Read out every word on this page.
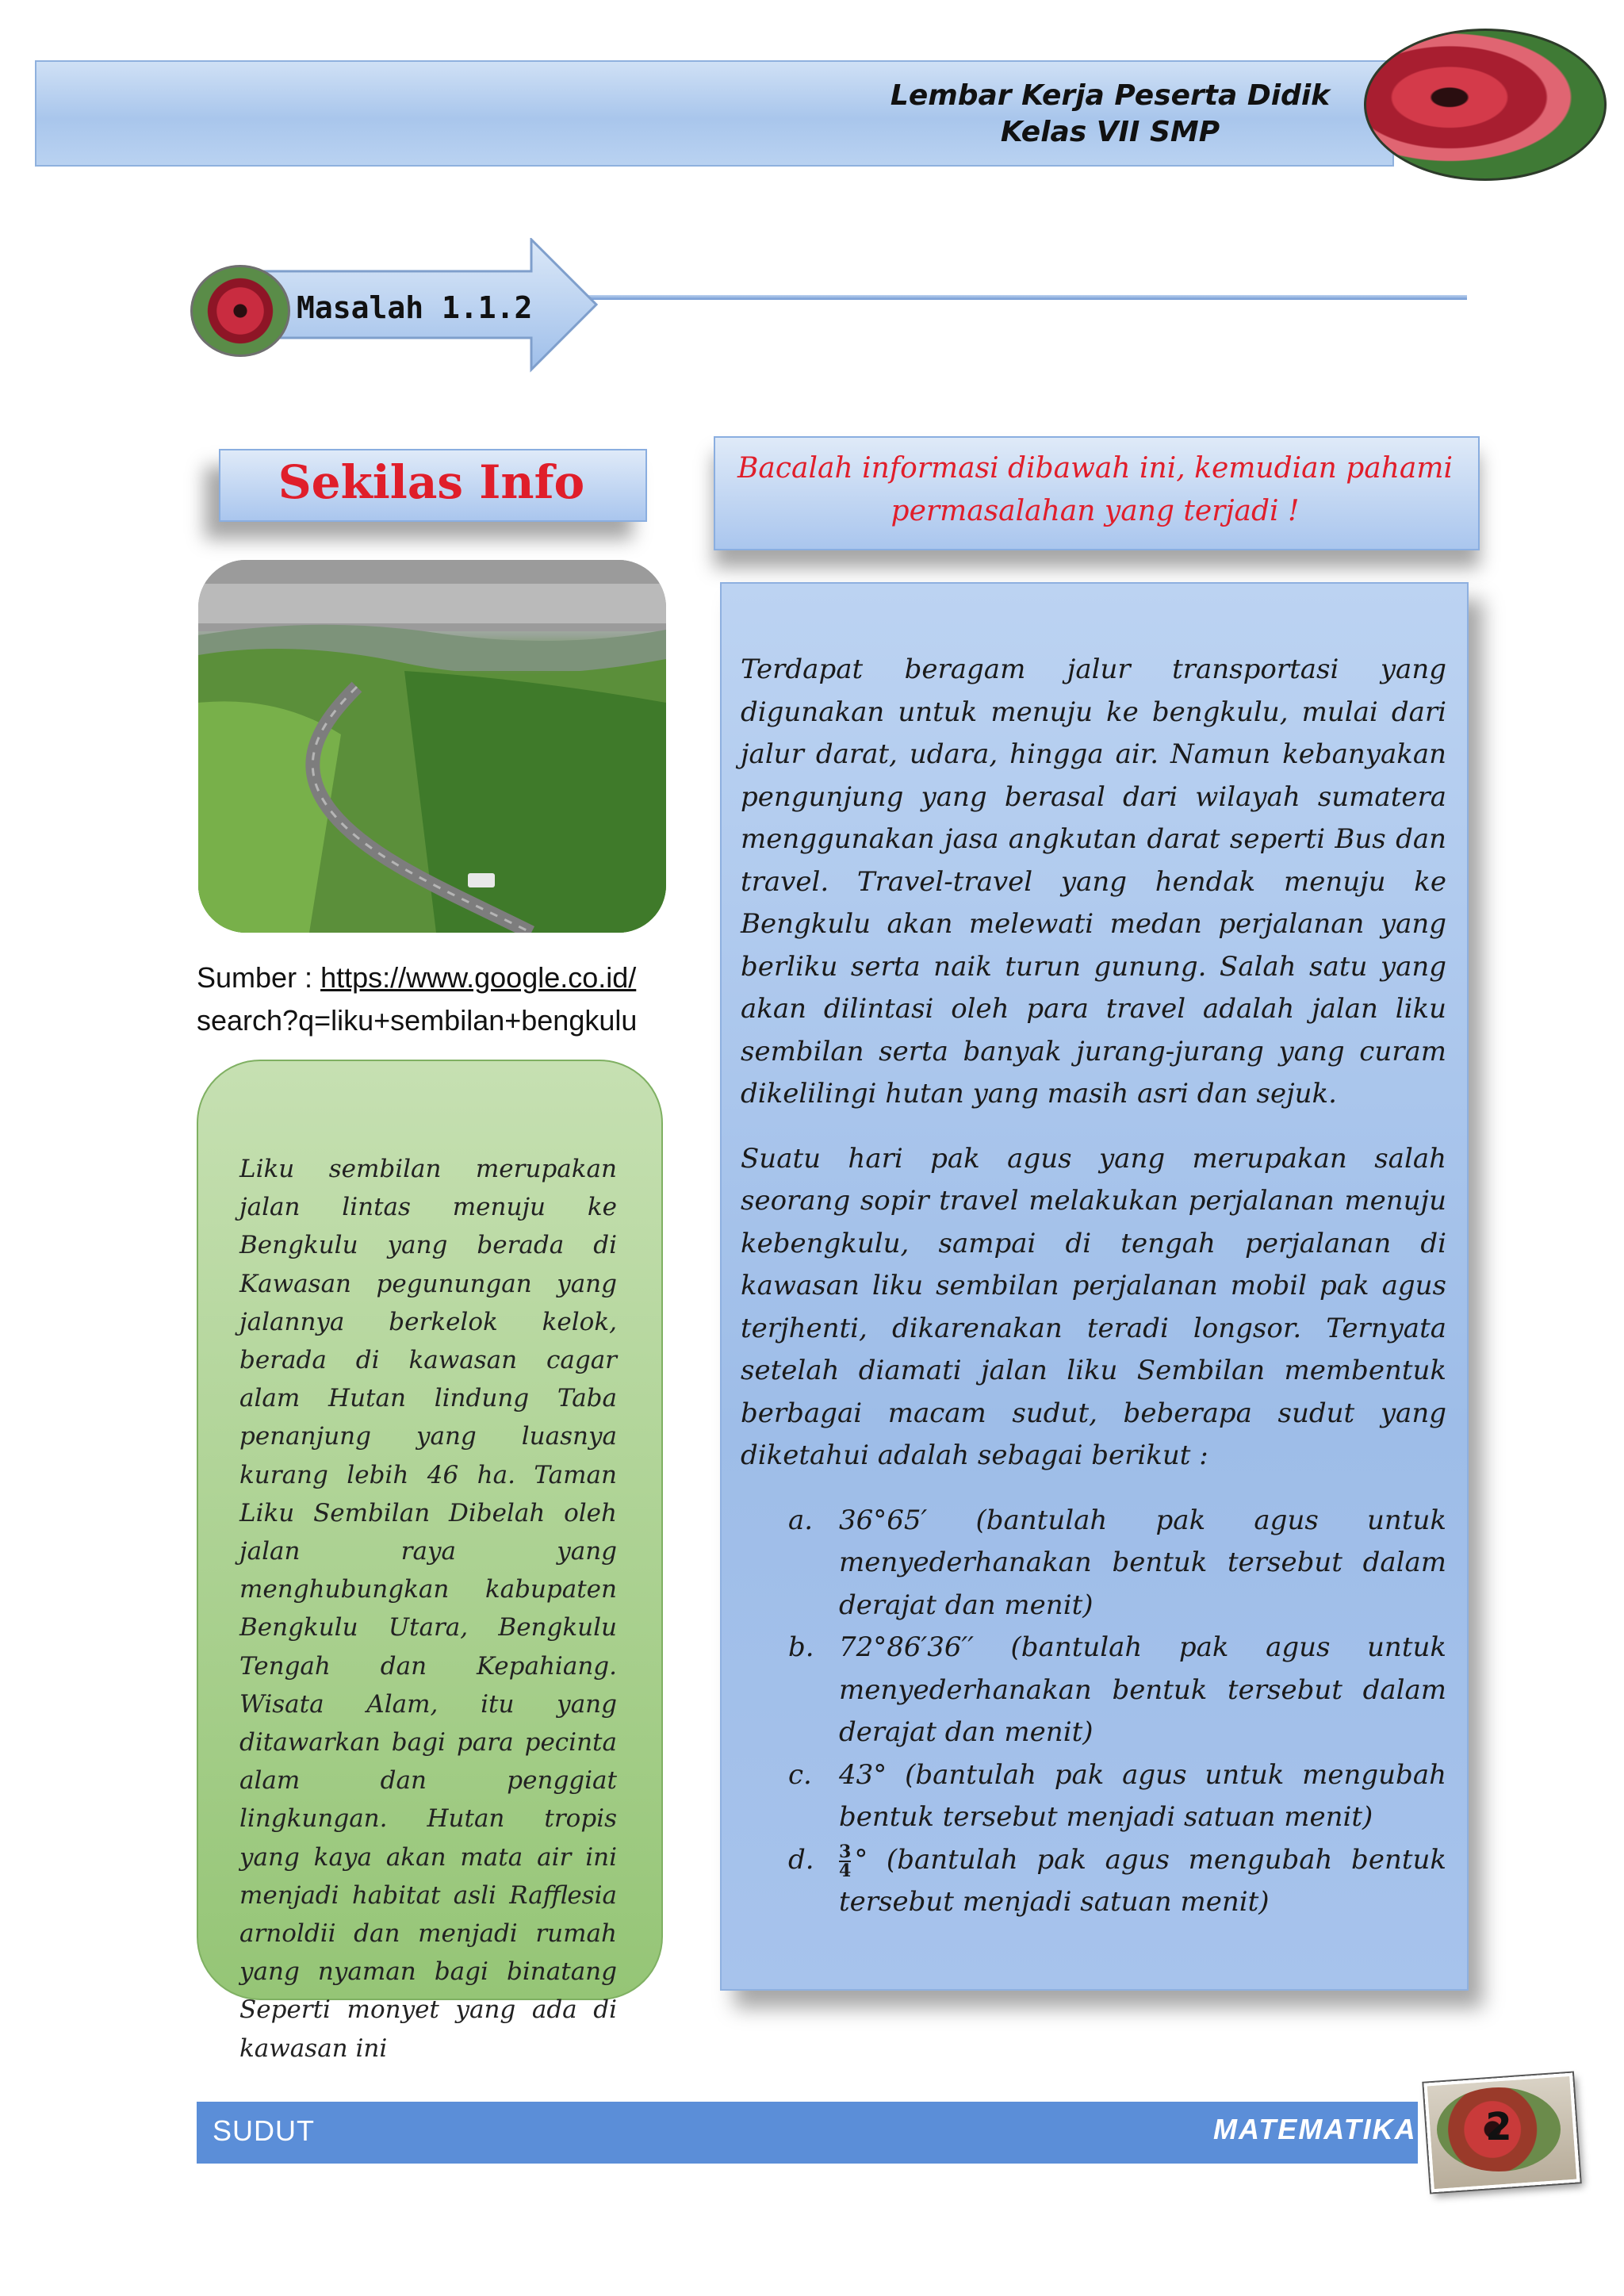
Lembar Kerja Peserta Didik
Kelas VII SMP
Masalah 1.1.2
Sekilas Info	Bacalah informasi dibawah ini, kemudian pahami
permasalahan yang terjadi !
Sumber : https://www.google.co.id/
search?q=liku+sembilan+bengkulu
Liku sembilan merupakan jalan lintas menuju ke Bengkulu yang berada di Kawasan pegunungan yang jalannya berkelok kelok, berada di kawasan cagar alam Hutan lindung Taba penanjung yang luasnya kurang lebih 46 ha. Taman Liku Sembilan Dibelah oleh jalan raya yang menghubungkan kabupaten Bengkulu Utara, Bengkulu Tengah dan Kepahiang. Wisata Alam, itu yang ditawarkan bagi para pecinta alam dan penggiat lingkungan. Hutan tropis yang kaya akan mata air ini menjadi habitat asli Rafflesia arnoldii dan menjadi rumah yang nyaman bagi binatang Seperti monyet yang ada di kawasan ini

Terdapat beragam jalur transportasi yang digunakan untuk menuju ke bengkulu, mulai dari jalur darat, udara, hingga air. Namun kebanyakan pengunjung yang berasal dari wilayah sumatera menggunakan jasa angkutan darat seperti Bus dan travel. Travel-travel yang hendak menuju ke Bengkulu akan melewati medan perjalanan yang berliku serta naik turun gunung. Salah satu yang akan dilintasi oleh para travel adalah jalan liku sembilan serta banyak jurang-jurang yang curam dikelilingi hutan yang masih asri dan sejuk.

Suatu hari pak agus yang merupakan salah seorang sopir travel melakukan perjalanan menuju kebengkulu, sampai di tengah perjalanan di kawasan liku sembilan perjalanan mobil pak agus terjhenti, dikarenakan teradi longsor. Ternyata setelah diamati jalan liku Sembilan membentuk berbagai macam sudut, beberapa sudut yang diketahui adalah sebagai berikut :

a. 36°65′ (bantulah pak agus untuk menyederhanakan bentuk tersebut dalam derajat dan menit)
b. 72°86′36′′ (bantulah pak agus untuk menyederhanakan bentuk tersebut dalam derajat dan menit)
c. 43° (bantulah pak agus untuk mengubah bentuk tersebut menjadi satuan menit)
d. $\frac{3}{4}$ ° (bantulah pak agus mengubah bentuk tersebut menjadi satuan menit)
SUDUT	MATEMATIKA 2
